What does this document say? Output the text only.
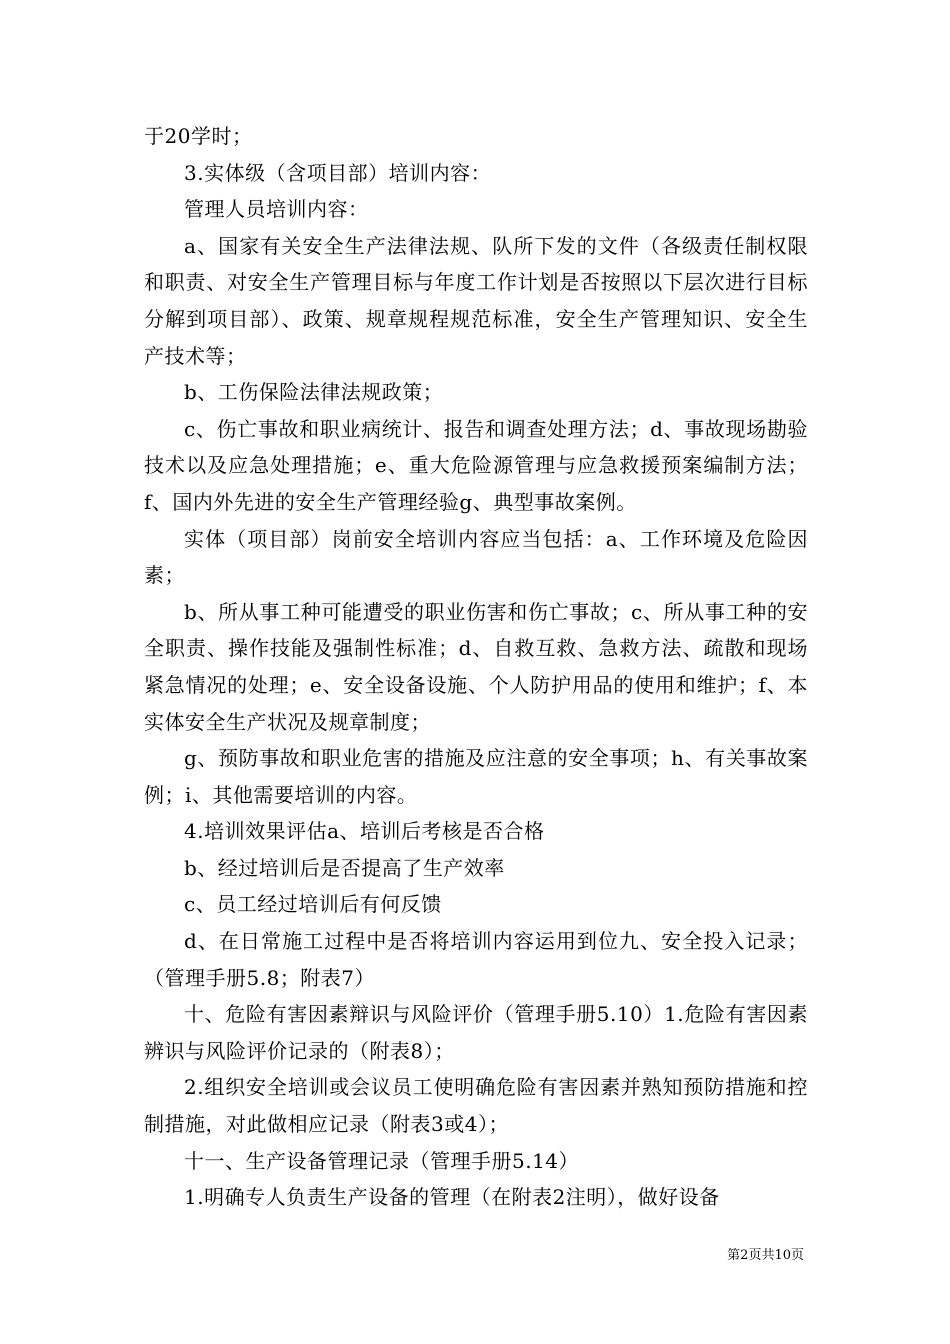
于20学时；

3.实体级（含项目部）培训内容：

管理人员培训内容：

a、国家有关安全生产法律法规、队所下发的文件（各级责任制权限和职责、对安全生产管理目标与年度工作计划是否按照以下层次进行目标分解到项目部）、政策、规章规程规范标准，安全生产管理知识、安全生产技术等；

b、工伤保险法律法规政策；

c、伤亡事故和职业病统计、报告和调查处理方法；d、事故现场勘验技术以及应急处理措施；e、重大危险源管理与应急救援预案编制方法；f、国内外先进的安全生产管理经验g、典型事故案例。

实体（项目部）岗前安全培训内容应当包括：a、工作环境及危险因素；

b、所从事工种可能遭受的职业伤害和伤亡事故；c、所从事工种的安全职责、操作技能及强制性标准；d、自救互救、急救方法、疏散和现场紧急情况的处理；e、安全设备设施、个人防护用品的使用和维护；f、本实体安全生产状况及规章制度；

g、预防事故和职业危害的措施及应注意的安全事项；h、有关事故案例；i、其他需要培训的内容。

4.培训效果评估a、培训后考核是否合格

b、经过培训后是否提高了生产效率

c、员工经过培训后有何反馈

d、在日常施工过程中是否将培训内容运用到位九、安全投入记录；（管理手册5.8；附表7）

十、危险有害因素辩识与风险评价（管理手册5.10）1.危险有害因素辨识与风险评价记录的（附表8）；

2.组织安全培训或会议员工使明确危险有害因素并熟知预防措施和控制措施，对此做相应记录（附表3或4）；

十一、生产设备管理记录（管理手册5.14）

1.明确专人负责生产设备的管理（在附表2注明），做好设备

第2页共10页
